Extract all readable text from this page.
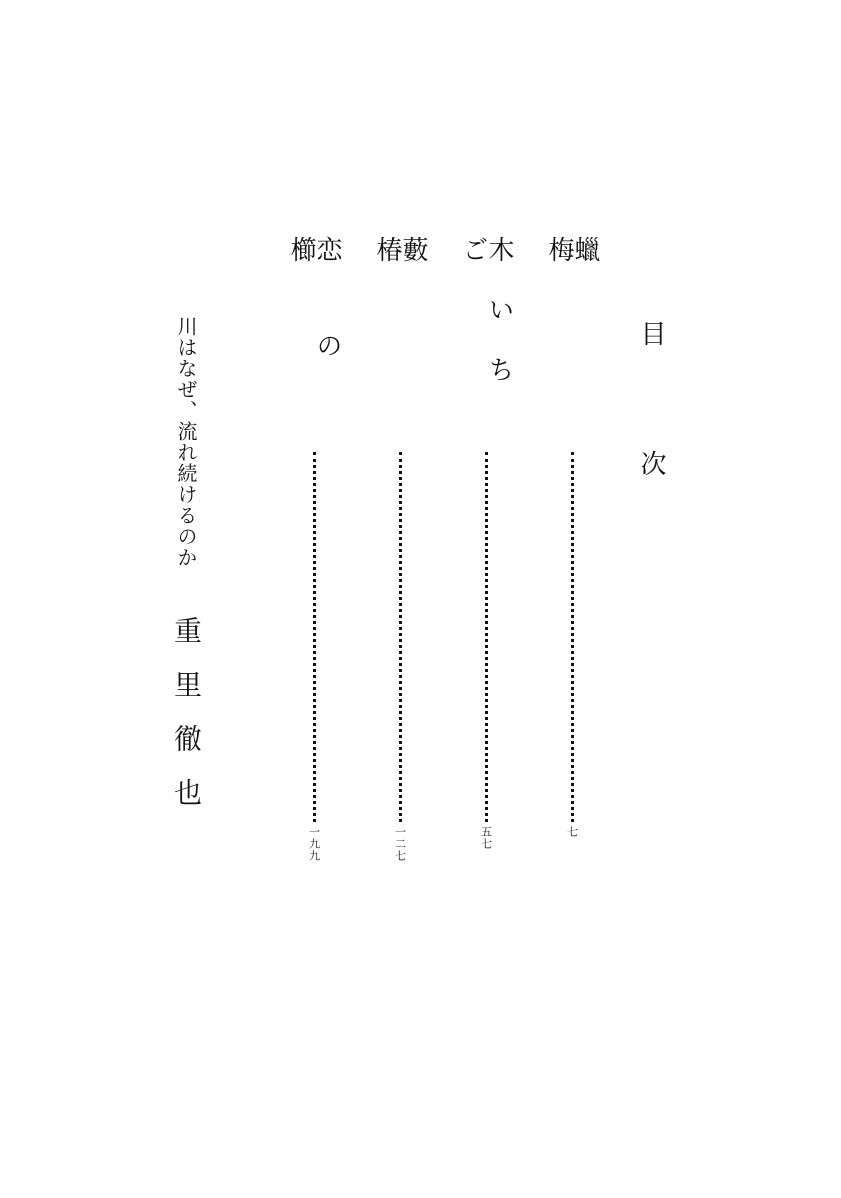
目次
蠟梅
七
木いちご
五七
藪椿
一二七
恋の櫛
一九九
川はなぜ、流れ続けるのか
重里徹也
